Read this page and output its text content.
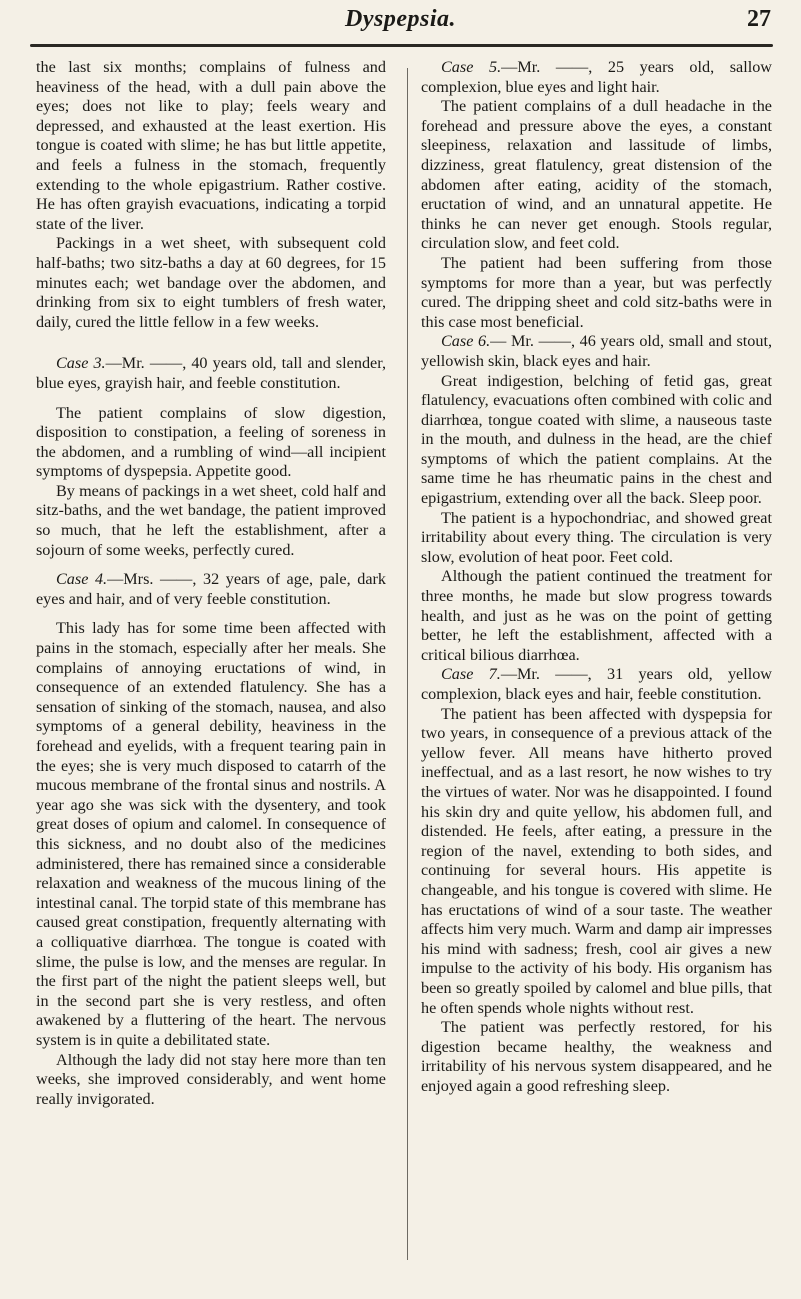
Dyspepsia.	27

the last six months; complains of fulness and heaviness of the head, with a dull pain above the eyes; does not like to play; feels weary and depressed, and exhausted at the least exertion. His tongue is coated with slime; he has but little appetite, and feels a fulness in the stomach, frequently extending to the whole epigastrium. Rather costive. He has often grayish evacuations, indicating a torpid state of the liver.

Packings in a wet sheet, with subsequent cold half-baths; two sitz-baths a day at 60 degrees, for 15 minutes each; wet bandage over the abdomen, and drinking from six to eight tumblers of fresh water, daily, cured the little fellow in a few weeks.

Case 3.—Mr. ——, 40 years old, tall and slender, blue eyes, grayish hair, and feeble constitution.

The patient complains of slow digestion, disposition to constipation, a feeling of soreness in the abdomen, and a rumbling of wind—all incipient symptoms of dyspepsia. Appetite good.

By means of packings in a wet sheet, cold half and sitz-baths, and the wet bandage, the patient improved so much, that he left the establishment, after a sojourn of some weeks, perfectly cured.

Case 4.—Mrs. ——, 32 years of age, pale, dark eyes and hair, and of very feeble constitution.

This lady has for some time been affected with pains in the stomach, especially after her meals. She complains of annoying eructations of wind, in consequence of an extended flatulency. She has a sensation of sinking of the stomach, nausea, and also symptoms of a general debility, heaviness in the forehead and eyelids, with a frequent tearing pain in the eyes; she is very much disposed to catarrh of the mucous membrane of the frontal sinus and nostrils. A year ago she was sick with the dysentery, and took great doses of opium and calomel. In consequence of this sickness, and no doubt also of the medicines administered, there has remained since a considerable relaxation and weakness of the mucous lining of the intestinal canal. The torpid state of this membrane has caused great constipation, frequently alternating with a colliquative diarrhœa. The tongue is coated with slime, the pulse is low, and the menses are regular. In the first part of the night the patient sleeps well, but in the second part she is very restless, and often awakened by a fluttering of the heart. The nervous system is in quite a debilitated state.

Although the lady did not stay here more than ten weeks, she improved considerably, and went home really invigorated.

Case 5.—Mr. ——, 25 years old, sallow complexion, blue eyes and light hair.

The patient complains of a dull headache in the forehead and pressure above the eyes, a constant sleepiness, relaxation and lassitude of limbs, dizziness, great flatulency, great distension of the abdomen after eating, acidity of the stomach, eructation of wind, and an unnatural appetite. He thinks he can never get enough. Stools regular, circulation slow, and feet cold.

The patient had been suffering from those symptoms for more than a year, but was perfectly cured. The dripping sheet and cold sitz-baths were in this case most beneficial.

Case 6.— Mr. ——, 46 years old, small and stout, yellowish skin, black eyes and hair.

Great indigestion, belching of fetid gas, great flatulency, evacuations often combined with colic and diarrhœa, tongue coated with slime, a nauseous taste in the mouth, and dulness in the head, are the chief symptoms of which the patient complains. At the same time he has rheumatic pains in the chest and epigastrium, extending over all the back. Sleep poor.

The patient is a hypochondriac, and showed great irritability about every thing. The circulation is very slow, evolution of heat poor. Feet cold.

Although the patient continued the treatment for three months, he made but slow progress towards health, and just as he was on the point of getting better, he left the establishment, affected with a critical bilious diarrhœa.

Case 7.—Mr. ——, 31 years old, yellow complexion, black eyes and hair, feeble constitution.

The patient has been affected with dyspepsia for two years, in consequence of a previous attack of the yellow fever. All means have hitherto proved ineffectual, and as a last resort, he now wishes to try the virtues of water. Nor was he disappointed. I found his skin dry and quite yellow, his abdomen full, and distended. He feels, after eating, a pressure in the region of the navel, extending to both sides, and continuing for several hours. His appetite is changeable, and his tongue is covered with slime. He has eructations of wind of a sour taste. The weather affects him very much. Warm and damp air impresses his mind with sadness; fresh, cool air gives a new impulse to the activity of his body. His organism has been so greatly spoiled by calomel and blue pills, that he often spends whole nights without rest.

The patient was perfectly restored, for his digestion became healthy, the weakness and irritability of his nervous system disappeared, and he enjoyed again a good refreshing sleep.
